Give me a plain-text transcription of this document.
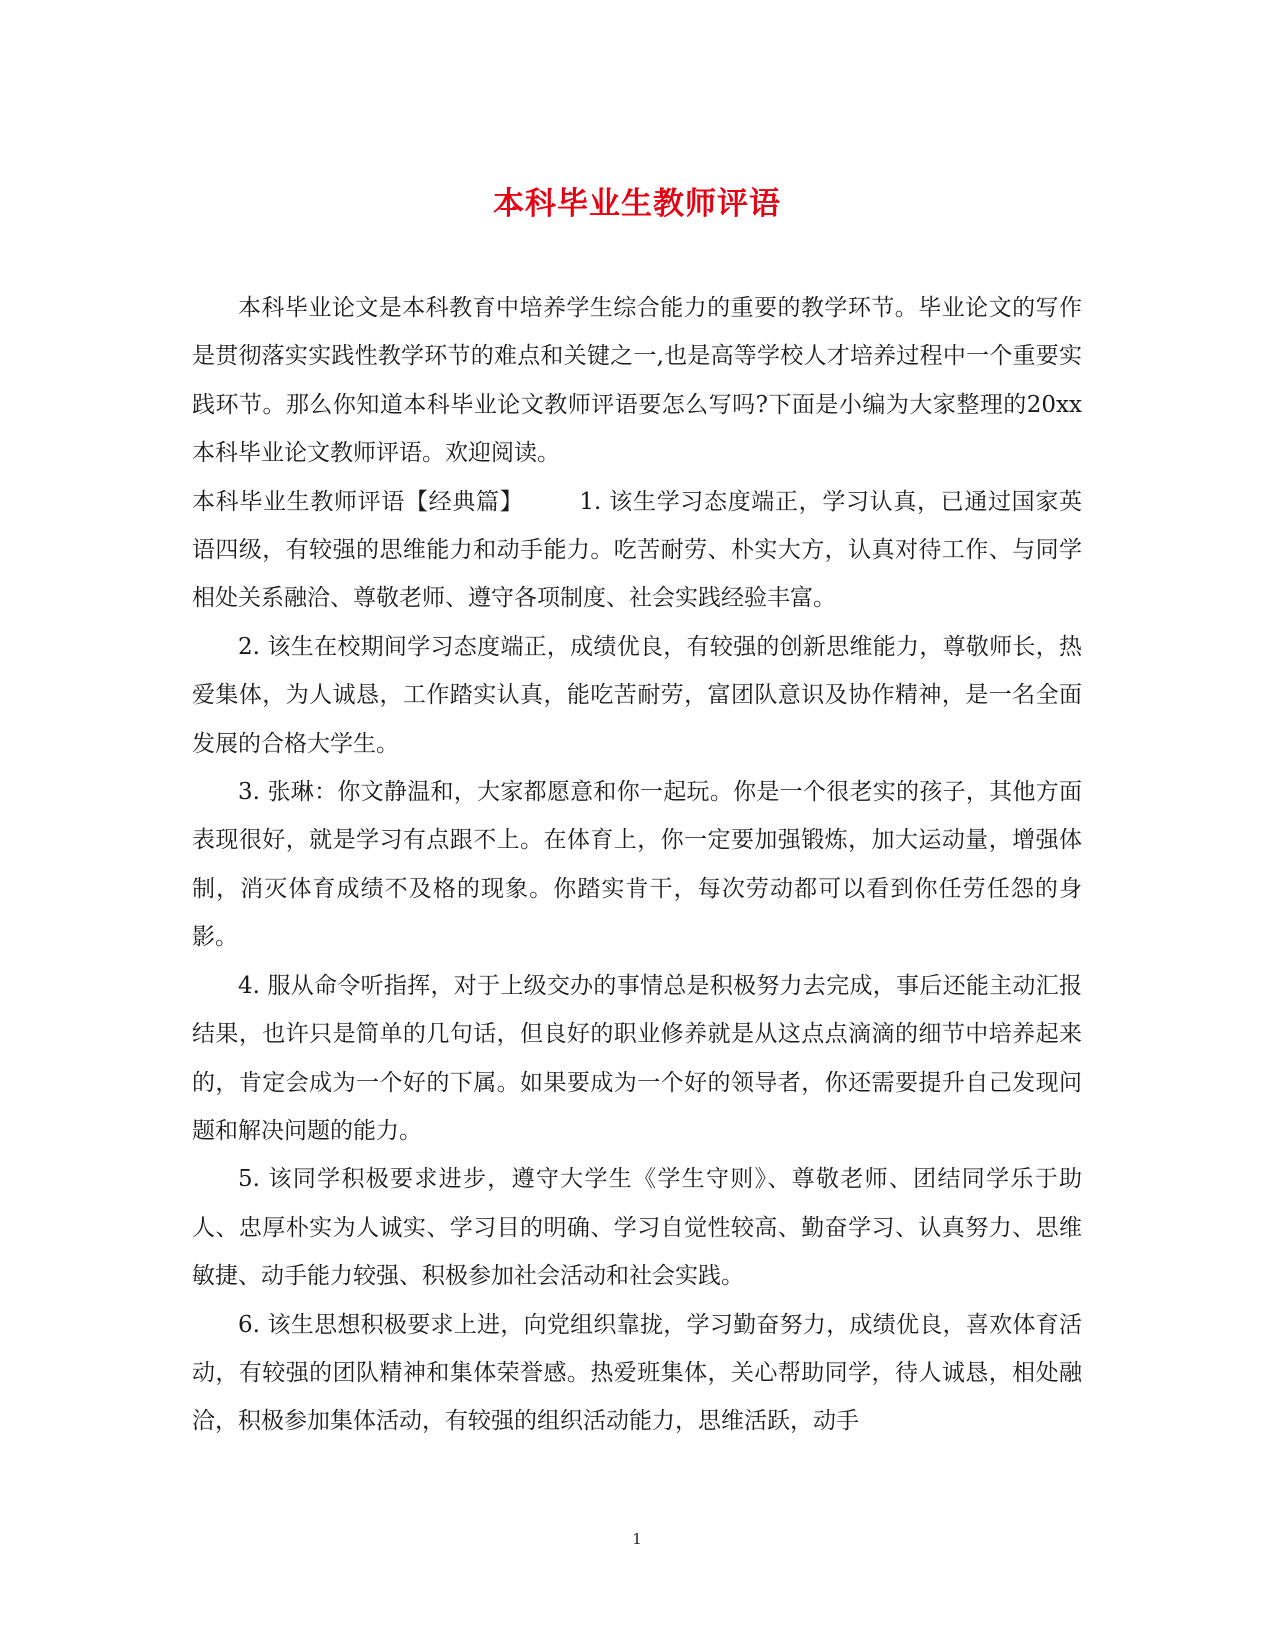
本科毕业生教师评语

本科毕业论文是本科教育中培养学生综合能力的重要的教学环节。毕业论文的写作是贯彻落实实践性教学环节的难点和关键之一,也是高等学校人才培养过程中一个重要实践环节。那么你知道本科毕业论文教师评语要怎么写吗?下面是小编为大家整理的20xx本科毕业论文教师评语。欢迎阅读。

本科毕业生教师评语【经典篇】 1. 该生学习态度端正，学习认真，已通过国家英语四级，有较强的思维能力和动手能力。吃苦耐劳、朴实大方，认真对待工作、与同学相处关系融洽、尊敬老师、遵守各项制度、社会实践经验丰富。

2. 该生在校期间学习态度端正，成绩优良，有较强的创新思维能力，尊敬师长，热爱集体，为人诚恳，工作踏实认真，能吃苦耐劳，富团队意识及协作精神，是一名全面发展的合格大学生。

3. 张琳：你文静温和，大家都愿意和你一起玩。你是一个很老实的孩子，其他方面表现很好，就是学习有点跟不上。在体育上，你一定要加强锻炼，加大运动量，增强体制，消灭体育成绩不及格的现象。你踏实肯干，每次劳动都可以看到你任劳任怨的身影。

4. 服从命令听指挥，对于上级交办的事情总是积极努力去完成，事后还能主动汇报结果，也许只是简单的几句话，但良好的职业修养就是从这点点滴滴的细节中培养起来的，肯定会成为一个好的下属。如果要成为一个好的领导者，你还需要提升自己发现问题和解决问题的能力。

5. 该同学积极要求进步，遵守大学生《学生守则》、尊敬老师、团结同学乐于助人、忠厚朴实为人诚实、学习目的明确、学习自觉性较高、勤奋学习、认真努力、思维敏捷、动手能力较强、积极参加社会活动和社会实践。

6. 该生思想积极要求上进，向党组织靠拢，学习勤奋努力，成绩优良，喜欢体育活动，有较强的团队精神和集体荣誉感。热爱班集体，关心帮助同学，待人诚恳，相处融洽，积极参加集体活动，有较强的组织活动能力，思维活跃，动手

1
